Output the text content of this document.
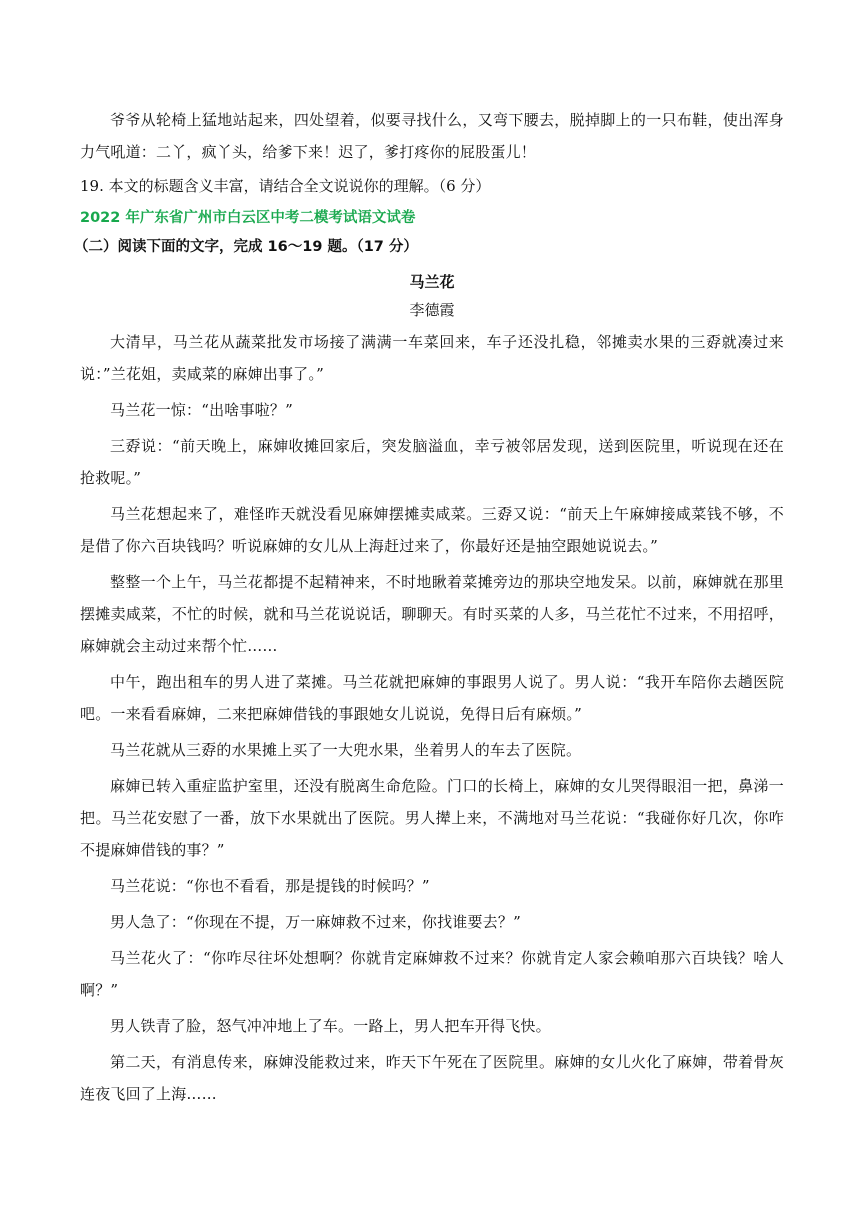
爷爷从轮椅上猛地站起来，四处望着，似要寻找什么，又弯下腰去，脱掉脚上的一只布鞋，使出浑身力气吼道：二丫，疯丫头，给爹下来！迟了，爹打疼你的屁股蛋儿！

19. 本文的标题含义丰富，请结合全文说说你的理解。（6 分）

2022 年广东省广州市白云区中考二模考试语文试卷

（二）阅读下面的文字，完成 16～19 题。（17 分）

马兰花

李德霞

大清早，马兰花从蔬菜批发市场接了满满一车菜回来，车子还没扎稳，邻摊卖水果的三孬就凑过来说：”兰花姐，卖咸菜的麻婶出事了。”

马兰花一惊：“出啥事啦？”

三孬说：“前天晚上，麻婶收摊回家后，突发脑溢血，幸亏被邻居发现，送到医院里，听说现在还在抢救呢。”

马兰花想起来了，难怪昨天就没看见麻婶摆摊卖咸菜。三孬又说：“前天上午麻婶接咸菜钱不够，不是借了你六百块钱吗？听说麻婶的女儿从上海赶过来了，你最好还是抽空跟她说说去。”

整整一个上午，马兰花都提不起精神来，不时地瞅着菜摊旁边的那块空地发呆。以前，麻婶就在那里摆摊卖咸菜，不忙的时候，就和马兰花说说话，聊聊天。有时买菜的人多，马兰花忙不过来，不用招呼，麻婶就会主动过来帮个忙……

中午，跑出租车的男人进了菜摊。马兰花就把麻婶的事跟男人说了。男人说：“我开车陪你去趟医院吧。一来看看麻婶，二来把麻婶借钱的事跟她女儿说说，免得日后有麻烦。”

马兰花就从三孬的水果摊上买了一大兜水果，坐着男人的车去了医院。

麻婶已转入重症监护室里，还没有脱离生命危险。门口的长椅上，麻婶的女儿哭得眼泪一把，鼻涕一把。马兰花安慰了一番，放下水果就出了医院。男人撵上来，不满地对马兰花说：“我碰你好几次，你咋不提麻婶借钱的事？”

马兰花说：“你也不看看，那是提钱的时候吗？”

男人急了：“你现在不提，万一麻婶救不过来，你找谁要去？”

马兰花火了：“你咋尽往坏处想啊？你就肯定麻婶救不过来？你就肯定人家会赖咱那六百块钱？啥人啊？”

男人铁青了脸，怒气冲冲地上了车。一路上，男人把车开得飞快。

第二天，有消息传来，麻婶没能救过来，昨天下午死在了医院里。麻婶的女儿火化了麻婶，带着骨灰连夜飞回了上海……
